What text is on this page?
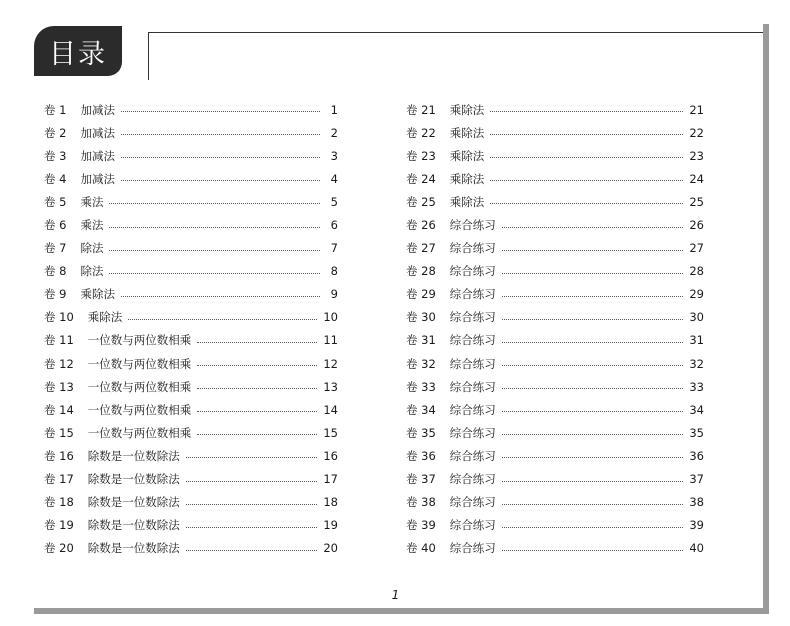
目录
卷 1 加减法	1
卷 2 加减法	2
卷 3 加减法	3
卷 4 加减法	4
卷 5 乘法	5
卷 6 乘法	6
卷 7 除法	7
卷 8 除法	8
卷 9 乘除法	9
卷 10 乘除法	10
卷 11 一位数与两位数相乘	11
卷 12 一位数与两位数相乘	12
卷 13 一位数与两位数相乘	13
卷 14 一位数与两位数相乘	14
卷 15 一位数与两位数相乘	15
卷 16 除数是一位数除法	16
卷 17 除数是一位数除法	17
卷 18 除数是一位数除法	18
卷 19 除数是一位数除法	19
卷 20 除数是一位数除法	20
卷 21 乘除法	21
卷 22 乘除法	22
卷 23 乘除法	23
卷 24 乘除法	24
卷 25 乘除法	25
卷 26 综合练习	26
卷 27 综合练习	27
卷 28 综合练习	28
卷 29 综合练习	29
卷 30 综合练习	30
卷 31 综合练习	31
卷 32 综合练习	32
卷 33 综合练习	33
卷 34 综合练习	34
卷 35 综合练习	35
卷 36 综合练习	36
卷 37 综合练习	37
卷 38 综合练习	38
卷 39 综合练习	39
卷 40 综合练习	40
1
